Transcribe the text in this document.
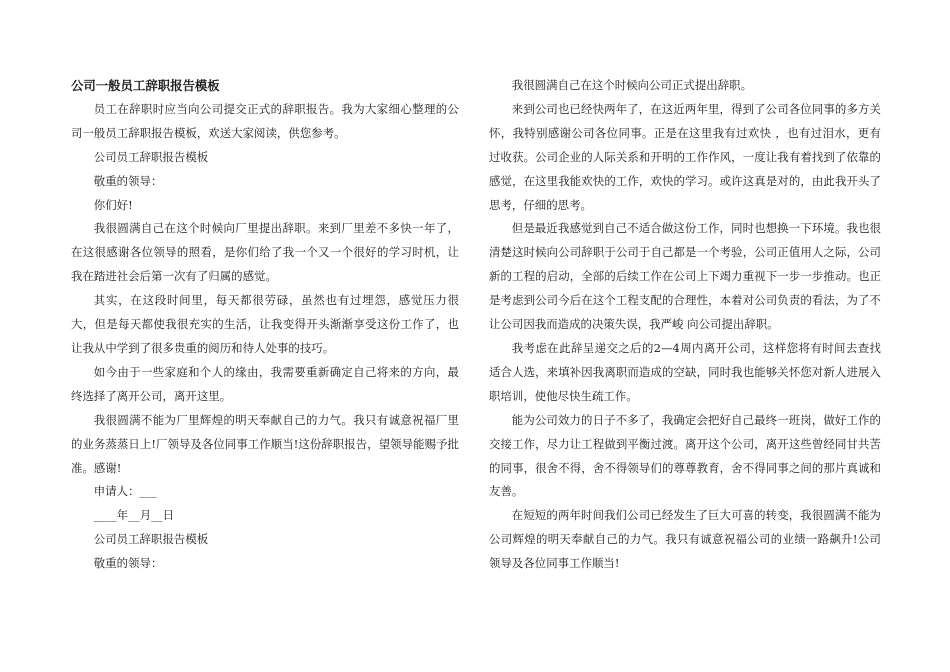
公司一般员工辞职报告模板

员工在辞职时应当向公司提交正式的辞职报告。我为大家细心整理的公司一般员工辞职报告模板，欢送大家阅读，供您参考。

公司员工辞职报告模板

敬重的领导：

你们好!

我很圆满自己在这个时候向厂里提出辞职。来到厂里差不多快一年了，在这很感谢各位领导的照看，是你们给了我一个又一个很好的学习时机，让我在踏进社会后第一次有了归属的感觉。

其实，在这段时间里，每天都很劳碌，虽然也有过埋怨，感觉压力很大，但是每天都使我很充实的生活，让我变得开头渐渐享受这份工作了，也让我从中学到了很多贵重的阅历和待人处事的技巧。

如今由于一些家庭和个人的缘由，我需要重新确定自己将来的方向，最终选择了离开公司，离开这里。

我很圆满不能为厂里辉煌的明天奉献自己的力气。我只有诚意祝福厂里的业务蒸蒸日上!厂领导及各位同事工作顺当!这份辞职报告，望领导能赐予批准。感谢!

申请人：___

____年__月__日

公司员工辞职报告模板

敬重的领导：

我很圆满自己在这个时候向公司正式提出辞职。

来到公司也已经快两年了，在这近两年里，得到了公司各位同事的多方关怀，我特别感谢公司各位同事。正是在这里我有过欢快 ，也有过泪水，更有过收获。公司企业的人际关系和开明的工作作风，一度让我有着找到了依靠的感觉，在这里我能欢快的工作，欢快的学习。或许这真是对的，由此我开头了思考，仔细的思考。

但是最近我感觉到自己不适合做这份工作，同时也想换一下环境。我也很清楚这时候向公司辞职于公司于自己都是一个考验，公司正值用人之际，公司新的工程的启动，全部的后续工作在公司上下竭力重视下一步一步推动。也正是考虑到公司今后在这个工程支配的合理性，本着对公司负责的看法，为了不让公司因我而造成的决策失误，我严峻 向公司提出辞职。

我考虑在此辞呈递交之后的2—4周内离开公司，这样您将有时间去查找适合人选，来填补因我离职而造成的空缺，同时我也能够关怀您对新人进展入职培训，使他尽快生疏工作。

能为公司效力的日子不多了，我确定会把好自己最终一班岗，做好工作的交接工作，尽力让工程做到平衡过渡。离开这个公司，离开这些曾经同甘共苦的同事，很舍不得，舍不得领导们的尊尊教育，舍不得同事之间的那片真诚和友善。

在短短的两年时间我们公司已经发生了巨大可喜的转变，我很圆满不能为公司辉煌的明天奉献自己的力气。我只有诚意祝福公司的业绩一路飙升!公司领导及各位同事工作顺当!
